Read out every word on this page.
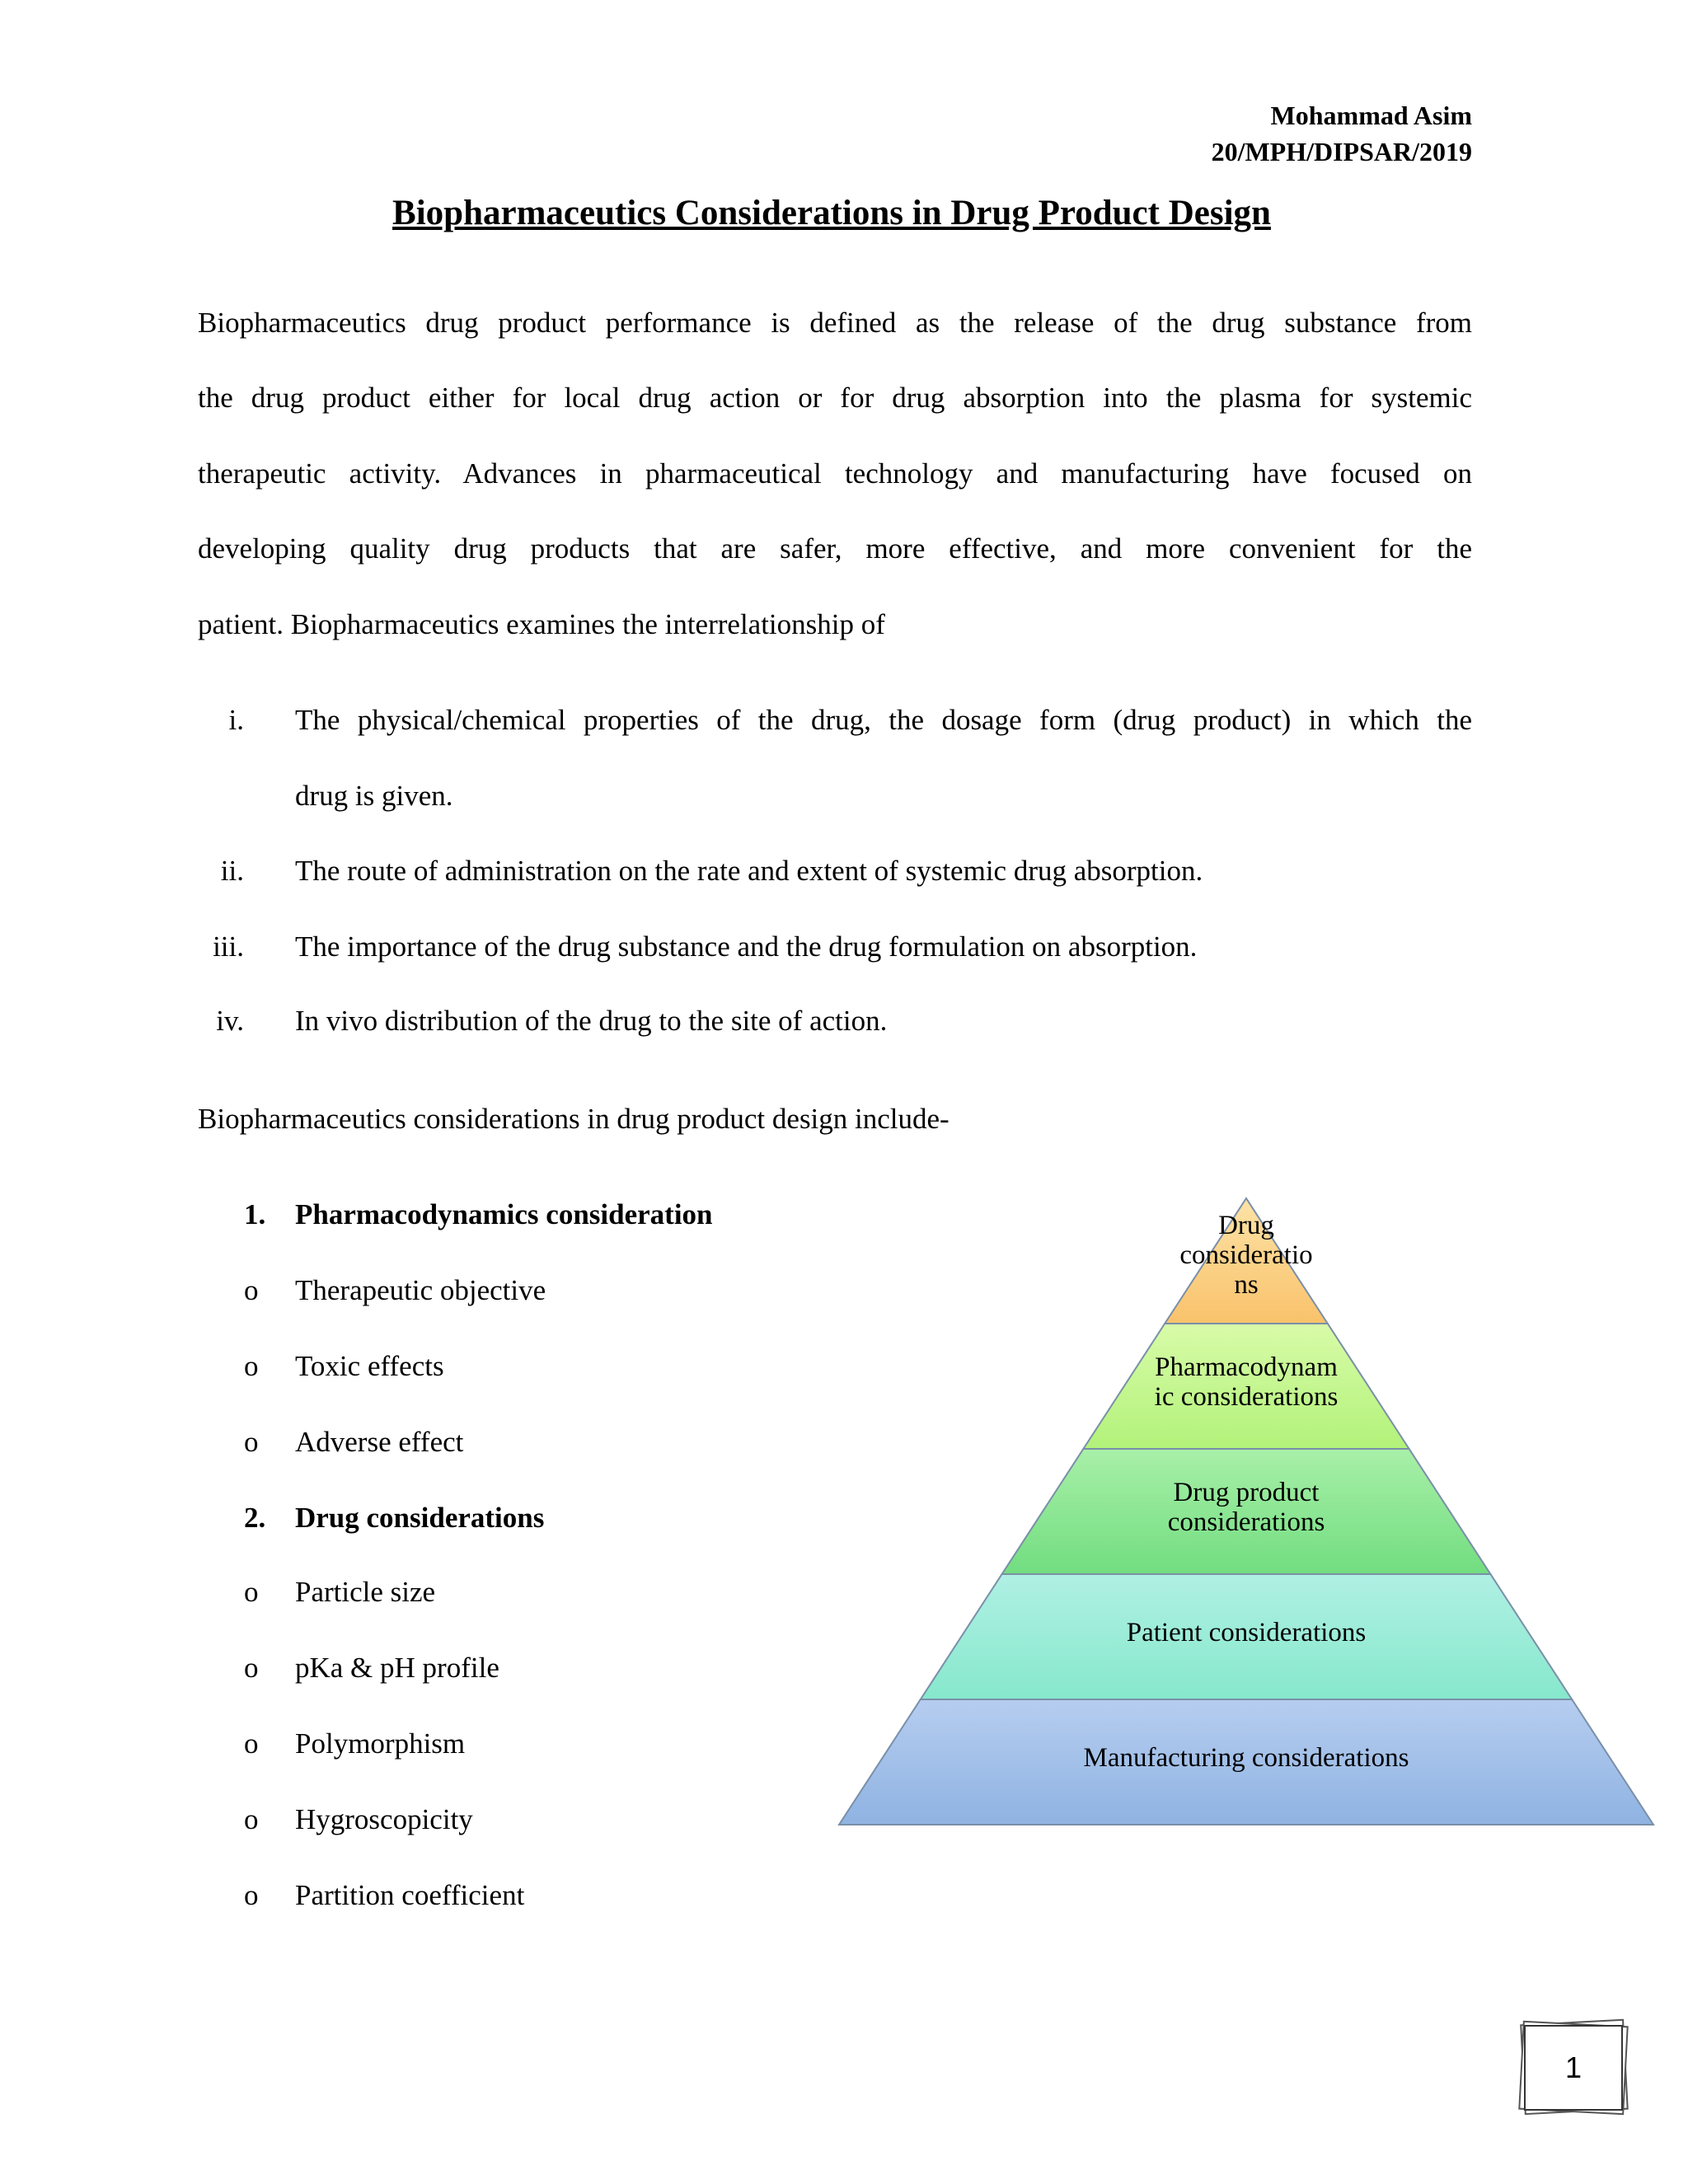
Mohammad Asim
20/MPH/DIPSAR/2019
Biopharmaceutics Considerations in Drug Product Design
Biopharmaceutics drug product performance is defined as the release of the drug substance from
the drug product either for local drug action or for drug absorption into the plasma for systemic
therapeutic activity. Advances in pharmaceutical technology and manufacturing have focused on
developing quality drug products that are safer, more effective, and more convenient for the
patient. Biopharmaceutics examines the interrelationship of
i. The physical/chemical properties of the drug, the dosage form (drug product) in which the
drug is given.
ii. The route of administration on the rate and extent of systemic drug absorption.
iii. The importance of the drug substance and the drug formulation on absorption.
iv. In vivo distribution of the drug to the site of action.
Biopharmaceutics considerations in drug product design include-
1. Pharmacodynamics consideration
o Therapeutic objective
o Toxic effects
o Adverse effect
2. Drug considerations
o Particle size
o pKa & pH profile
o Polymorphism
o Hygroscopicity
o Partition coefficient
Drug consideratio ns
Pharmacodynam ic considerations
Drug product considerations
Patient considerations
Manufacturing considerations
1
